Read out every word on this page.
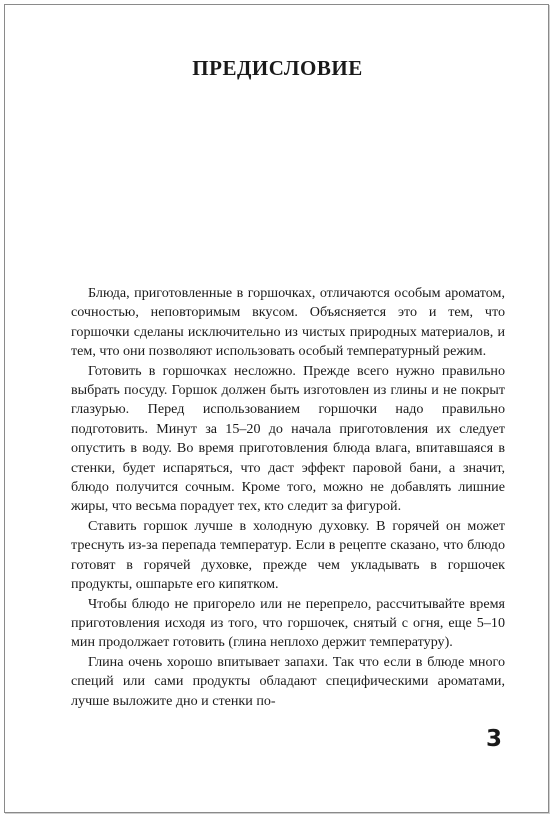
ПРЕДИСЛОВИЕ

Блюда, приготовленные в горшочках, отличаются особым ароматом, сочностью, неповторимым вкусом. Объясняется это и тем, что горшочки сделаны исключительно из чистых природных материалов, и тем, что они позволяют использовать особый температурный режим.

Готовить в горшочках несложно. Прежде всего нужно правильно выбрать посуду. Горшок должен быть изготовлен из глины и не покрыт глазурью. Перед использованием горшочки надо правильно подготовить. Минут за 15–20 до начала приготовления их следует опустить в воду. Во время приготовления блюда влага, впитавшаяся в стенки, будет испаряться, что даст эффект паровой бани, а значит, блюдо получится сочным. Кроме того, можно не добавлять лишние жиры, что весьма порадует тех, кто следит за фигурой.

Ставить горшок лучше в холодную духовку. В горячей он может треснуть из-за перепада температур. Если в рецепте сказано, что блюдо готовят в горячей духовке, прежде чем укладывать в горшочек продукты, ошпарьте его кипятком.

Чтобы блюдо не пригорело или не перепрело, рассчитывайте время приготовления исходя из того, что горшочек, снятый с огня, еще 5–10 мин продолжает готовить (глина неплохо держит температуру).

Глина очень хорошо впитывает запахи. Так что если в блюде много специй или сами продукты обладают специфическими ароматами, лучше выложите дно и стенки по-

3
